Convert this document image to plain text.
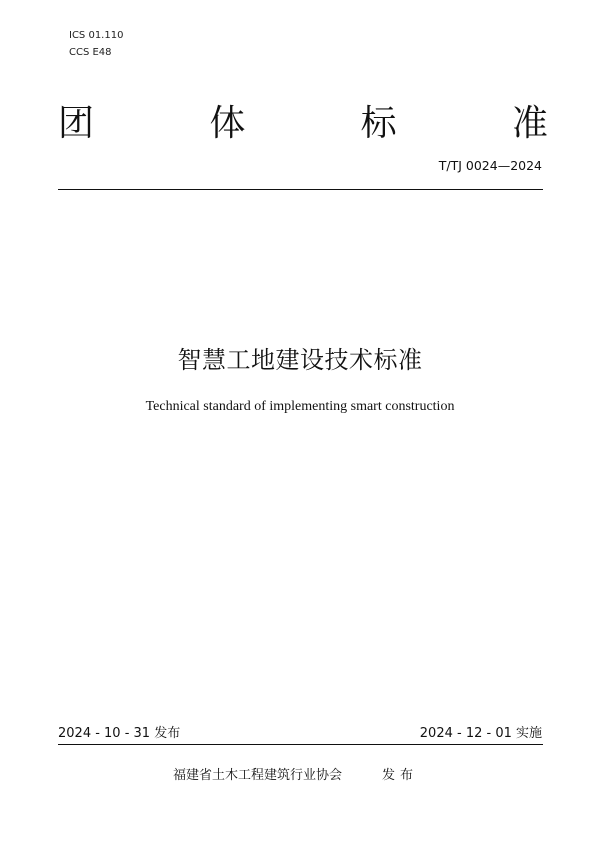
ICS 01.110
CCS E48
团	体	标	准
T/TJ 0024—2024
智慧工地建设技术标准
Technical standard of implementing smart construction
2024 - 10 - 31 发布	2024 - 12 - 01 实施
福建省土木工程建筑行业协会	发布
